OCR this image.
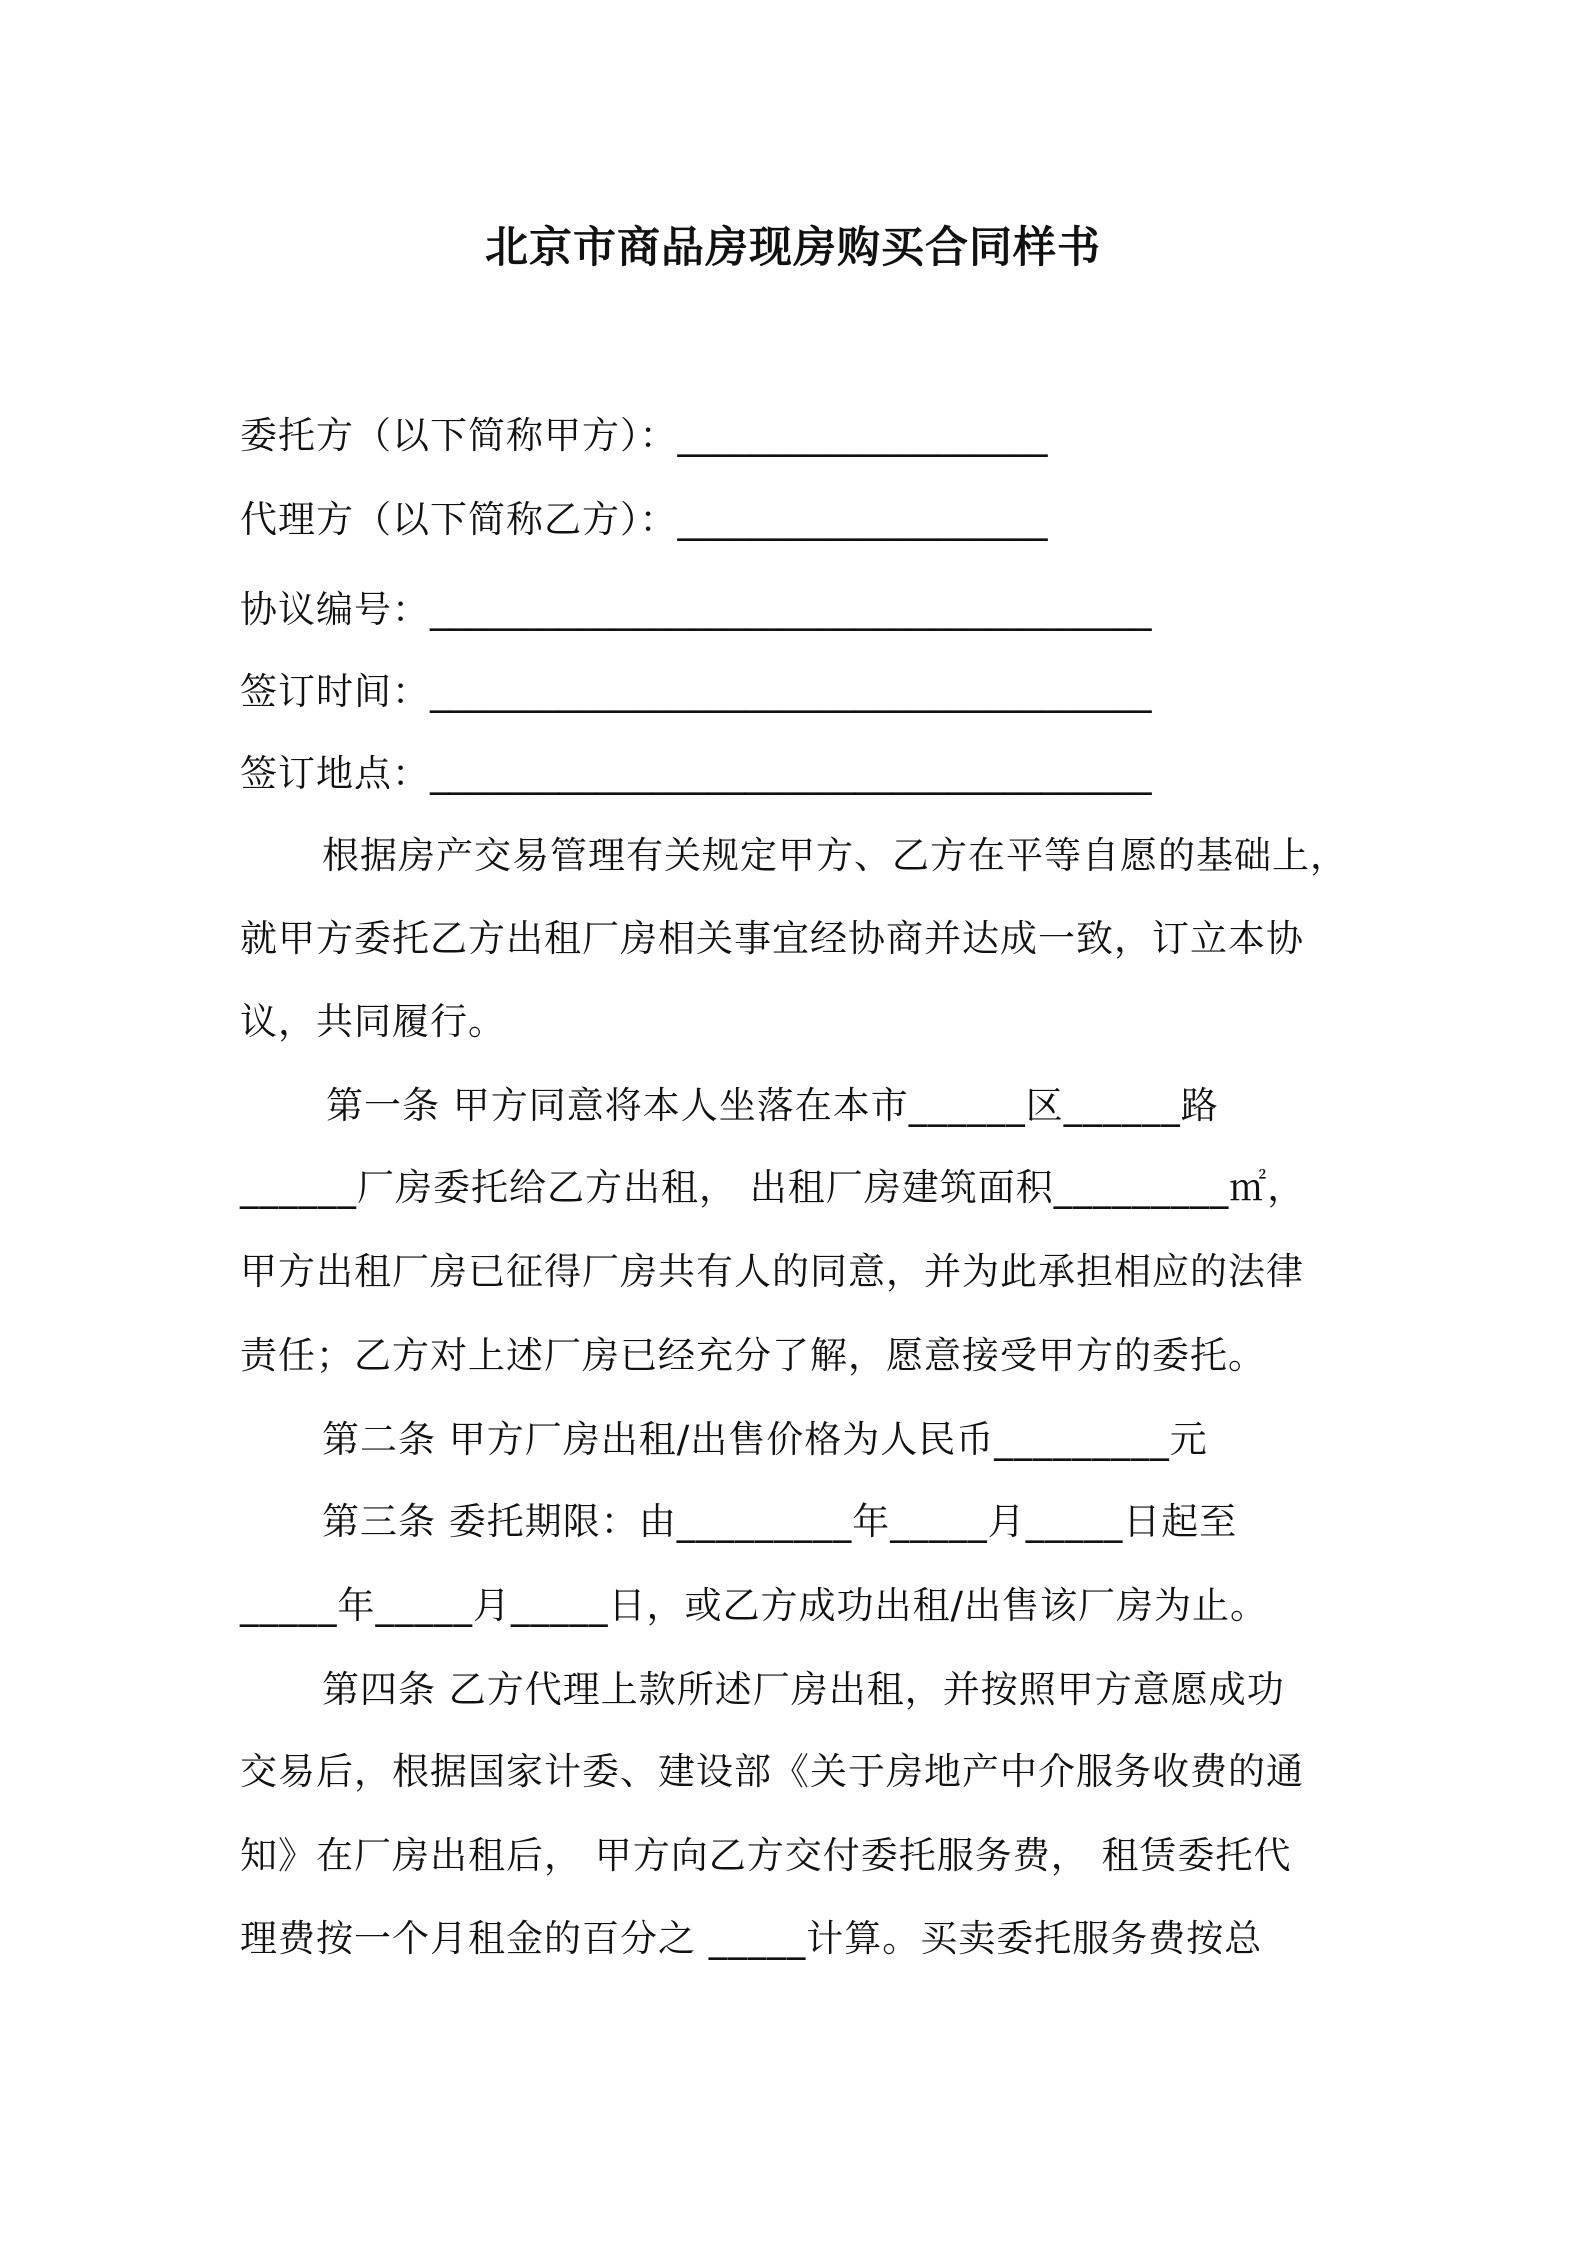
北京市商品房现房购买合同样书
委托方（以下简称甲方）：____________________
代理方（以下简称乙方）：____________________
协议编号：_______________________________________
签订时间：_______________________________________
签订地点：_______________________________________
根据房产交易管理有关规定甲方、乙方在平等自愿的基础上，
就甲方委托乙方出租厂房相关事宜经协商并达成一致，订立本协
议，共同履行。
第一条 甲方同意将本人坐落在本市______区______路
______厂房委托给乙方出租， 出租厂房建筑面积_________㎡，
甲方出租厂房已征得厂房共有人的同意，并为此承担相应的法律
责任；乙方对上述厂房已经充分了解，愿意接受甲方的委托。
第二条 甲方厂房出租/出售价格为人民币_________元
第三条 委托期限：由_________年_____月_____日起至
_____年_____月_____日，或乙方成功出租/出售该厂房为止。
第四条 乙方代理上款所述厂房出租，并按照甲方意愿成功
交易后，根据国家计委、建设部《关于房地产中介服务收费的通
知》在厂房出租后， 甲方向乙方交付委托服务费， 租赁委托代
理费按一个月租金的百分之 _____计算。买卖委托服务费按总
